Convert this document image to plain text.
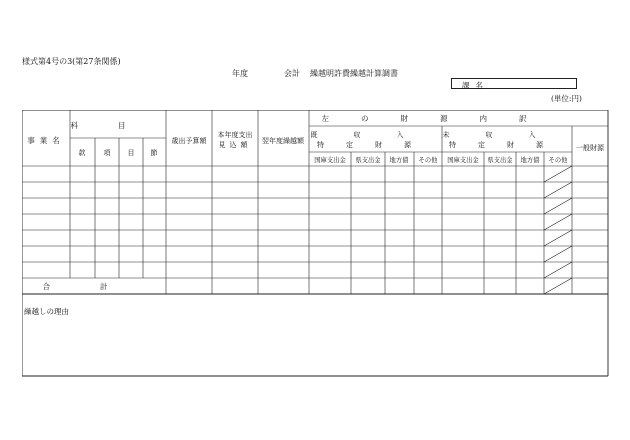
様式第4号の3(第27条関係)
年度	会計 繰越明許費繰越計算調書
課名
(単位:円)
事業名
科目
款	項 目 節
歳出予算額
本年度支出
見込額 翌年度繰越額
左の財源内訳
既収入
特定財源
未収入
特定財源 一般財源
国庫支出金 県支出金 地方債 その他 国庫支出金 県支出金 地方債 その他
合計
繰越しの理由
